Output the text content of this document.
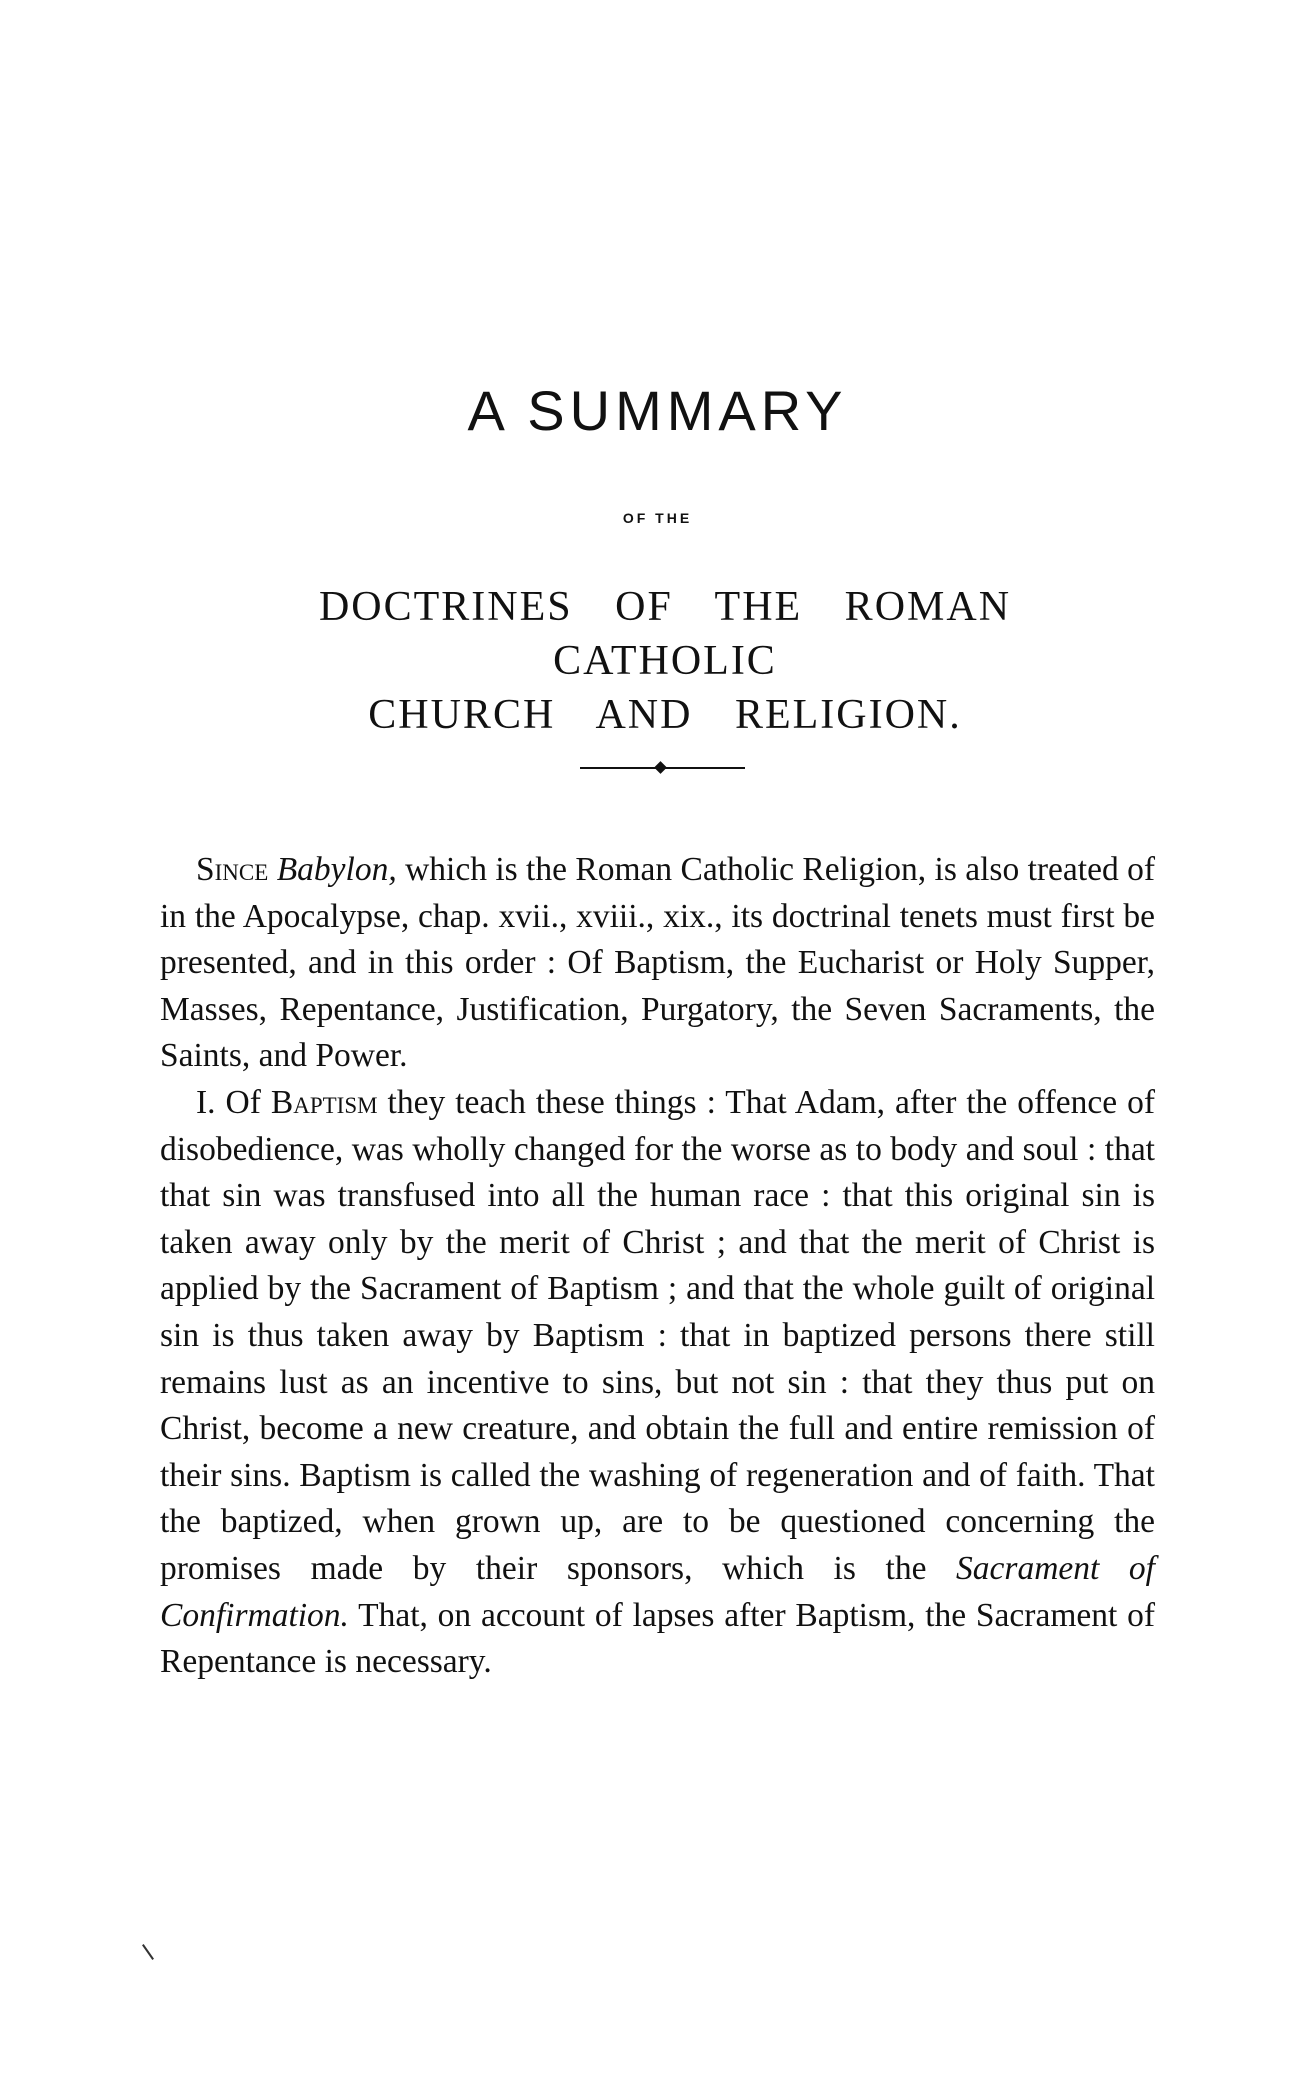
A SUMMARY
OF THE
DOCTRINES OF THE ROMAN CATHOLIC
CHURCH AND RELIGION.

Since Babylon, which is the Roman Catholic Religion, is also treated of in the Apocalypse, chap. xvii., xviii., xix., its doctrinal tenets must first be presented, and in this order : Of Baptism, the Eucharist or Holy Supper, Masses, Repentance, Justification, Purgatory, the Seven Sacraments, the Saints, and Power.

I. Of Baptism they teach these things : That Adam, after the offence of disobedience, was wholly changed for the worse as to body and soul : that that sin was transfused into all the human race : that this original sin is taken away only by the merit of Christ ; and that the merit of Christ is applied by the Sacrament of Baptism ; and that the whole guilt of original sin is thus taken away by Baptism : that in baptized persons there still remains lust as an incentive to sins, but not sin : that they thus put on Christ, become a new creature, and obtain the full and entire remission of their sins. Baptism is called the washing of regeneration and of faith. That the baptized, when grown up, are to be questioned concerning the promises made by their sponsors, which is the Sacrament of Confirmation. That, on account of lapses after Baptism, the Sacrament of Repentance is necessary.
